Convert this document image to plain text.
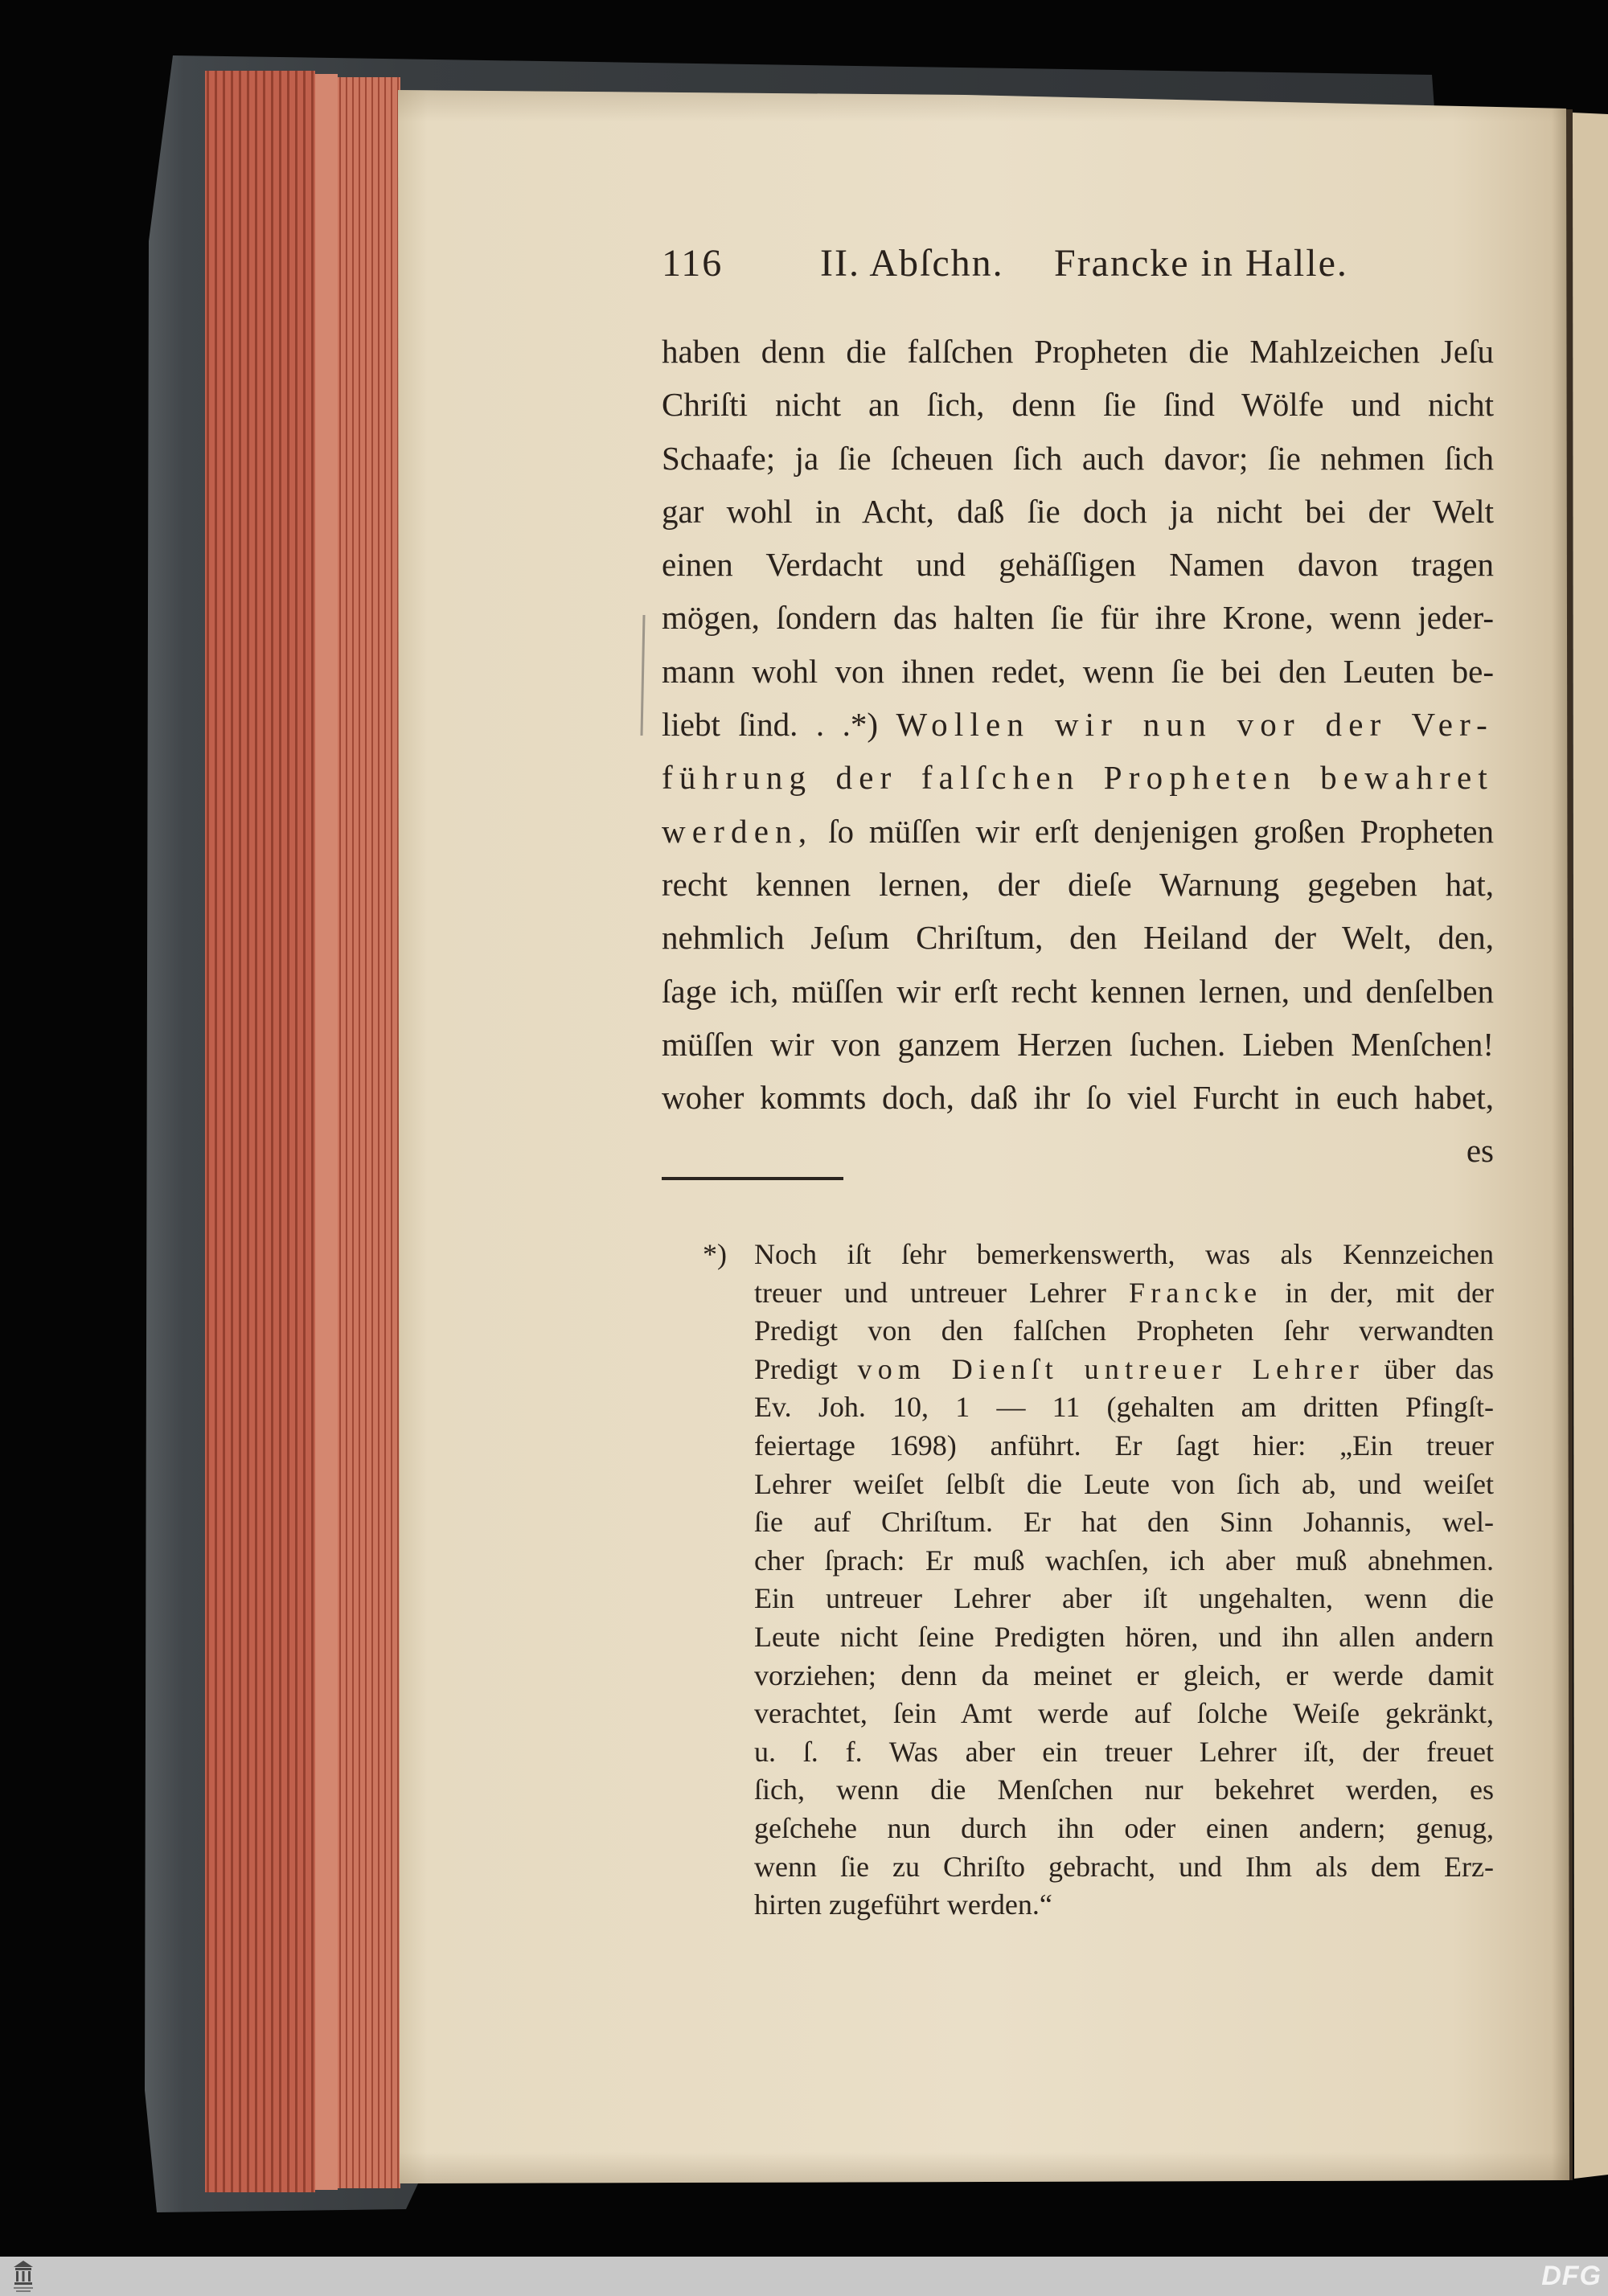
116	II. Abſchn. Francke in Halle.
haben denn die falſchen Propheten die Mahlzeichen Jeſu
Chriſti nicht an ſich, denn ſie ſind Wölfe und nicht
Schaafe; ja ſie ſcheuen ſich auch davor; ſie nehmen ſich
gar wohl in Acht, daß ſie doch ja nicht bei der Welt
einen Verdacht und gehäſſigen Namen davon tragen
mögen, ſondern das halten ſie für ihre Krone, wenn jeder-
mann wohl von ihnen redet, wenn ſie bei den Leuten be-
liebt ſind. . .*) Wollen wir nun vor der Ver-
führung der falſchen Propheten bewahret
werden, ſo müſſen wir erſt denjenigen großen Propheten
recht kennen lernen, der dieſe Warnung gegeben hat,
nehmlich Jeſum Chriſtum, den Heiland der Welt, den,
ſage ich, müſſen wir erſt recht kennen lernen, und denſelben
müſſen wir von ganzem Herzen ſuchen. Lieben Menſchen!
woher kommts doch, daß ihr ſo viel Furcht in euch habet,
es
*) Noch iſt ſehr bemerkenswerth, was als Kennzeichen
treuer und untreuer Lehrer Francke in der, mit der
Predigt von den falſchen Propheten ſehr verwandten
Predigt vom Dienſt untreuer Lehrer über das
Ev. Joh. 10, 1 — 11 (gehalten am dritten Pfingſt-
feiertage 1698) anführt. Er ſagt hier: „Ein treuer
Lehrer weiſet ſelbſt die Leute von ſich ab, und weiſet
ſie auf Chriſtum. Er hat den Sinn Johannis, wel-
cher ſprach: Er muß wachſen, ich aber muß abnehmen.
Ein untreuer Lehrer aber iſt ungehalten, wenn die
Leute nicht ſeine Predigten hören, und ihn allen andern
vorziehen; denn da meinet er gleich, er werde damit
verachtet, ſein Amt werde auf ſolche Weiſe gekränkt,
u. ſ. f. Was aber ein treuer Lehrer iſt, der freuet
ſich, wenn die Menſchen nur bekehret werden, es
geſchehe nun durch ihn oder einen andern; genug,
wenn ſie zu Chriſto gebracht, und Ihm als dem Erz-
hirten zugeführt werden.“
DFG
